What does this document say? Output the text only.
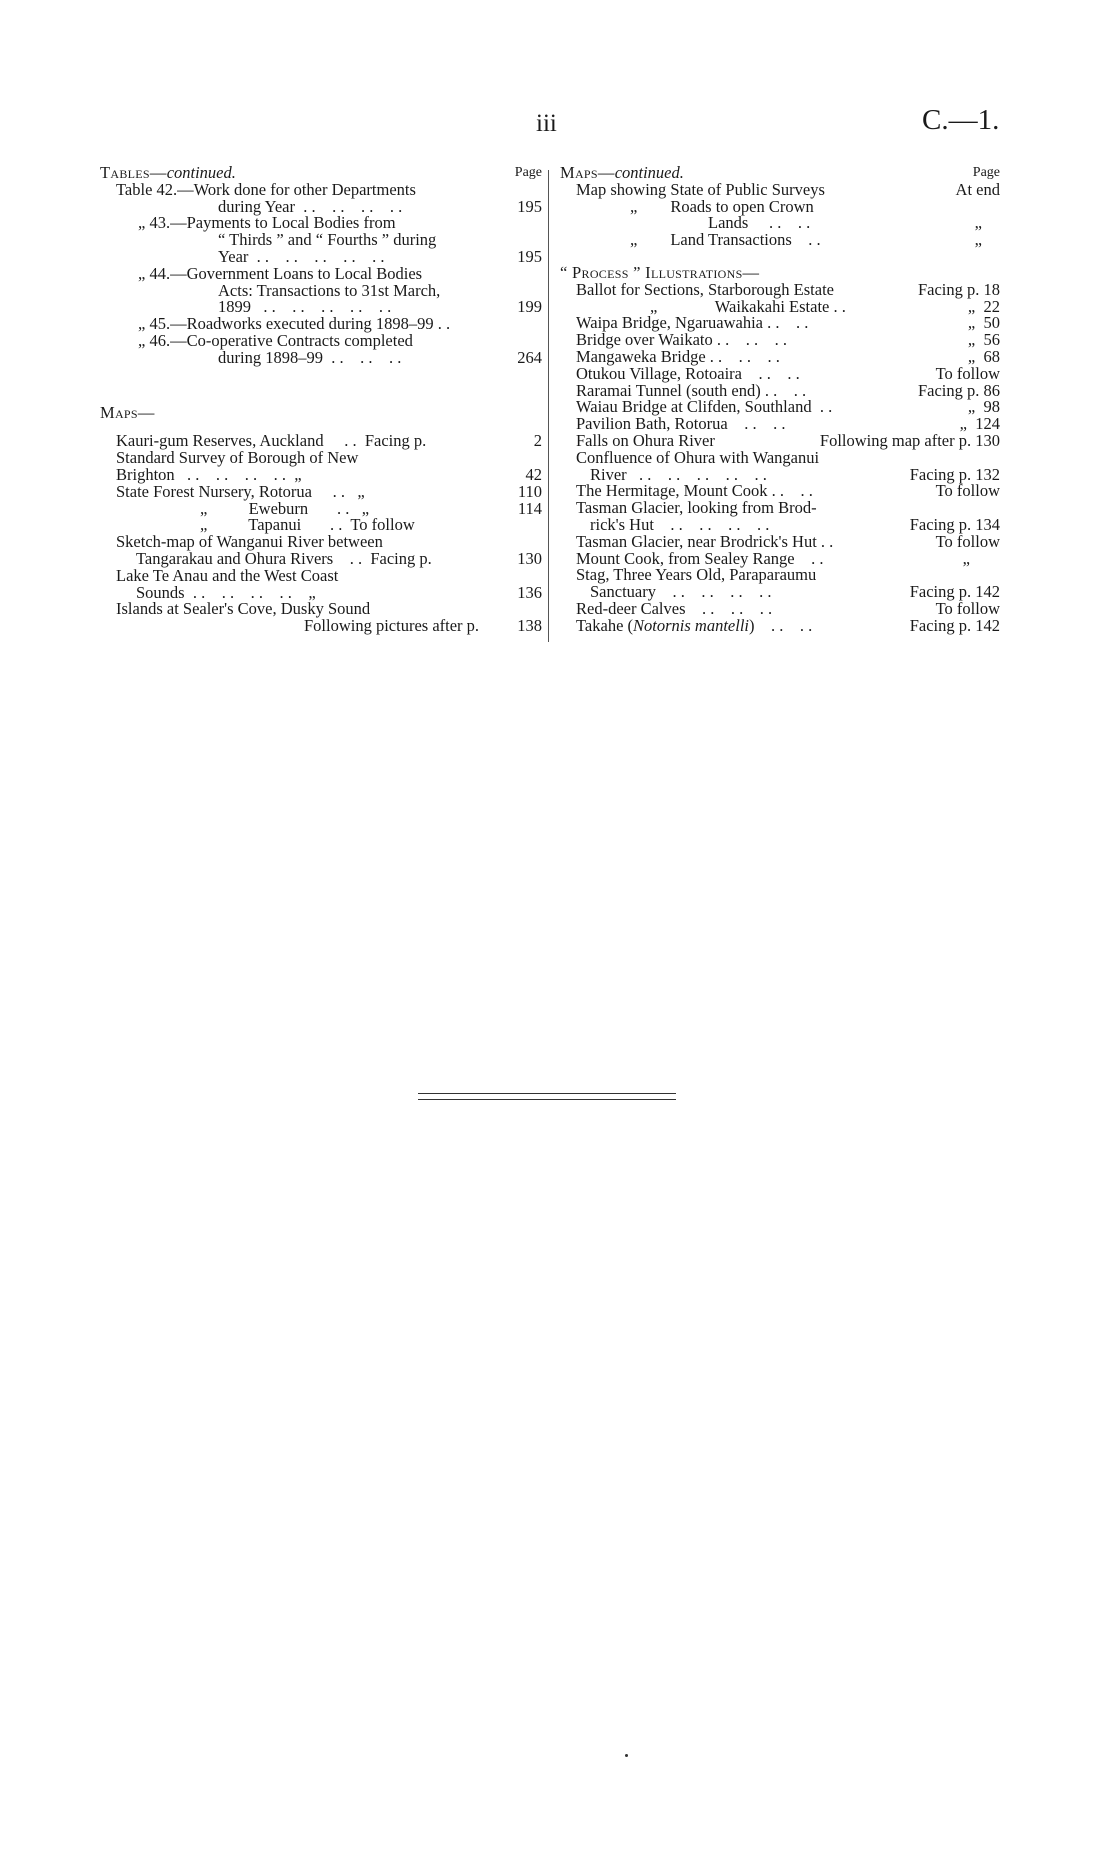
iii	C.—1.

Tables—continued.

	Page

Table 42.—Work done for other Departments
during Year  . .    . .    . .    . .	195
„ 43.—Payments to Local Bodies from
“ Thirds ” and “ Fourths ” during
Year  . .    . .    . .    . .    . .	195
„ 44.—Government Loans to Local Bodies
Acts: Transactions to 31st March,
1899   . .    . .    . .    . .    . .	199
„ 45.—Roadworks executed during 1898–99 . .
„ 46.—Co-operative Contracts completed
during 1898–99  . .    . .    . .	264
Maps—
Kauri-gum Reserves, Auckland     . .  Facing p.	2
Standard Survey of Borough of New
Brighton   . .    . .    . .    . .  „	42
State Forest Nursery, Rotorua     . .   „	110
„          Eweburn       . .   „	114
„          Tapanui       . .  To follow
Sketch-map of Wanganui River between
Tangarakau and Ohura Rivers    . .  Facing p.	130
Lake Te Anau and the West Coast
Sounds  . .    . .    . .    . .    „	136
Islands at Sealer's Cove, Dusky Sound
Following pictures after p. 138

Maps—continued.

	Page

Map showing State of Public Surveys	At end
„        Roads to open Crown
Lands     . .    . .	„
„        Land Transactions    . .	„
“ Process ” Illustrations—
Ballot for Sections, Starborough Estate	Facing p. 18
„              Waikakahi Estate . .	„  22
Waipa Bridge, Ngaruawahia . .    . .	„  50
Bridge over Waikato . .    . .    . .	„  56
Mangaweka Bridge . .    . .    . .	„  68
Otukou Village, Rotoaira    . .    . .	To follow
Raramai Tunnel (south end) . .    . .	Facing p. 86
Waiau Bridge at Clifden, Southland  . .	„  98
Pavilion Bath, Rotorua    . .    . .	„  124
Falls on Ohura River	Following map after p. 130
Confluence of Ohura with Wanganui
River   . .    . .    . .    . .    . .	Facing p. 132
The Hermitage, Mount Cook . .    . .	To follow
Tasman Glacier, looking from Brod-
rick's Hut    . .    . .    . .    . .	Facing p. 134
Tasman Glacier, near Brodrick's Hut . .	To follow
Mount Cook, from Sealey Range    . .	„
Stag, Three Years Old, Paraparaumu
Sanctuary    . .    . .    . .    . .	Facing p. 142
Red-deer Calves    . .    . .    . .	To follow
Takahe (Notornis mantelli)    . .    . .	Facing p. 142
